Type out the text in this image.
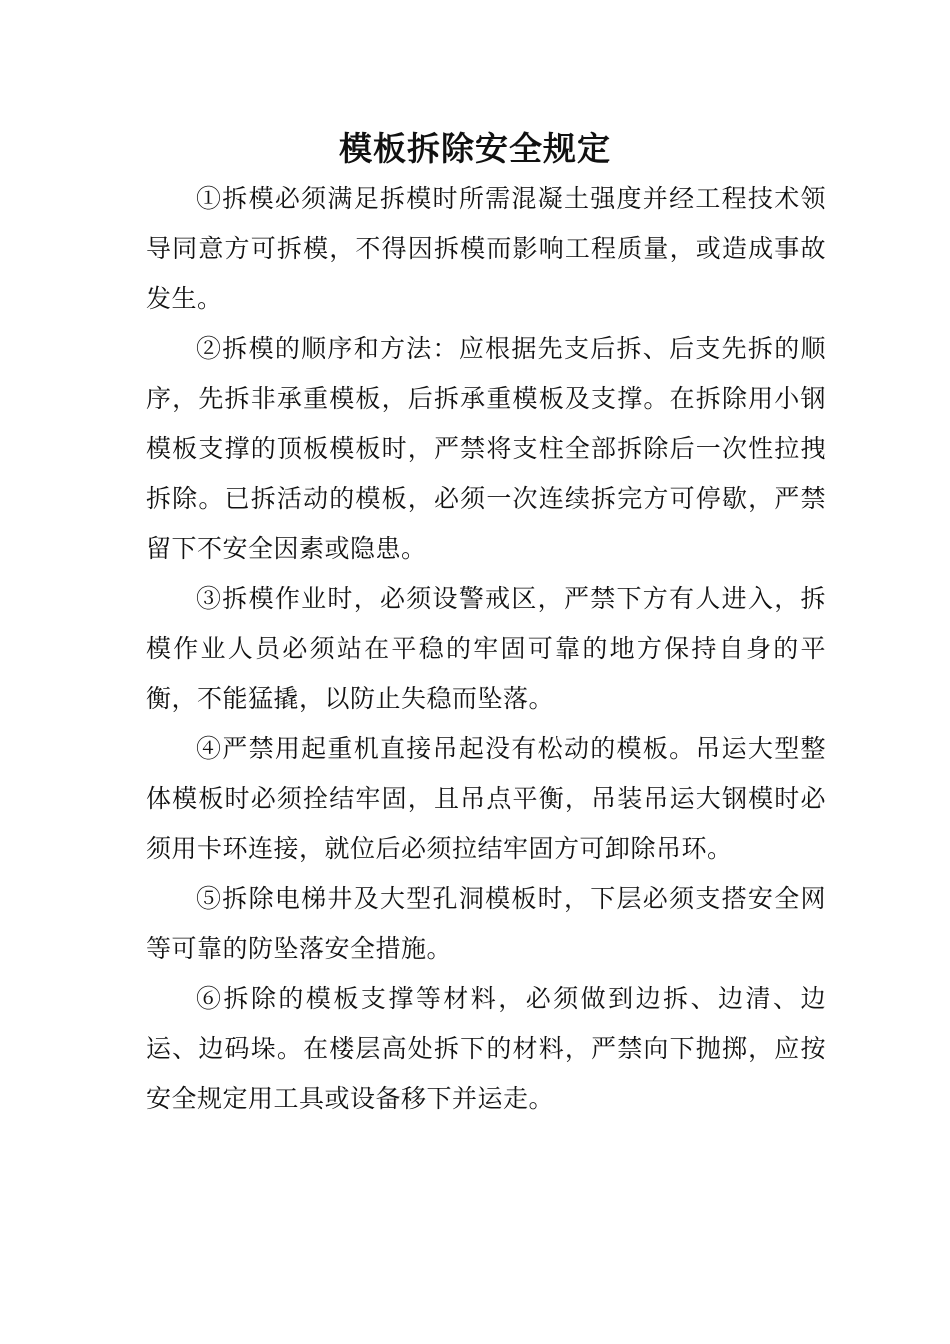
模板拆除安全规定

①拆模必须满足拆模时所需混凝土强度并经工程技术领导同意方可拆模，不得因拆模而影响工程质量，或造成事故发生。

②拆模的顺序和方法：应根据先支后拆、后支先拆的顺序，先拆非承重模板，后拆承重模板及支撑。在拆除用小钢模板支撑的顶板模板时，严禁将支柱全部拆除后一次性拉拽拆除。已拆活动的模板，必须一次连续拆完方可停歇，严禁留下不安全因素或隐患。

③拆模作业时，必须设警戒区，严禁下方有人进入，拆模作业人员必须站在平稳的牢固可靠的地方保持自身的平衡，不能猛撬，以防止失稳而坠落。

④严禁用起重机直接吊起没有松动的模板。吊运大型整体模板时必须拴结牢固，且吊点平衡，吊装吊运大钢模时必须用卡环连接，就位后必须拉结牢固方可卸除吊环。

⑤拆除电梯井及大型孔洞模板时，下层必须支搭安全网等可靠的防坠落安全措施。

⑥拆除的模板支撑等材料，必须做到边拆、边清、边运、边码垛。在楼层高处拆下的材料，严禁向下抛掷，应按安全规定用工具或设备移下并运走。
